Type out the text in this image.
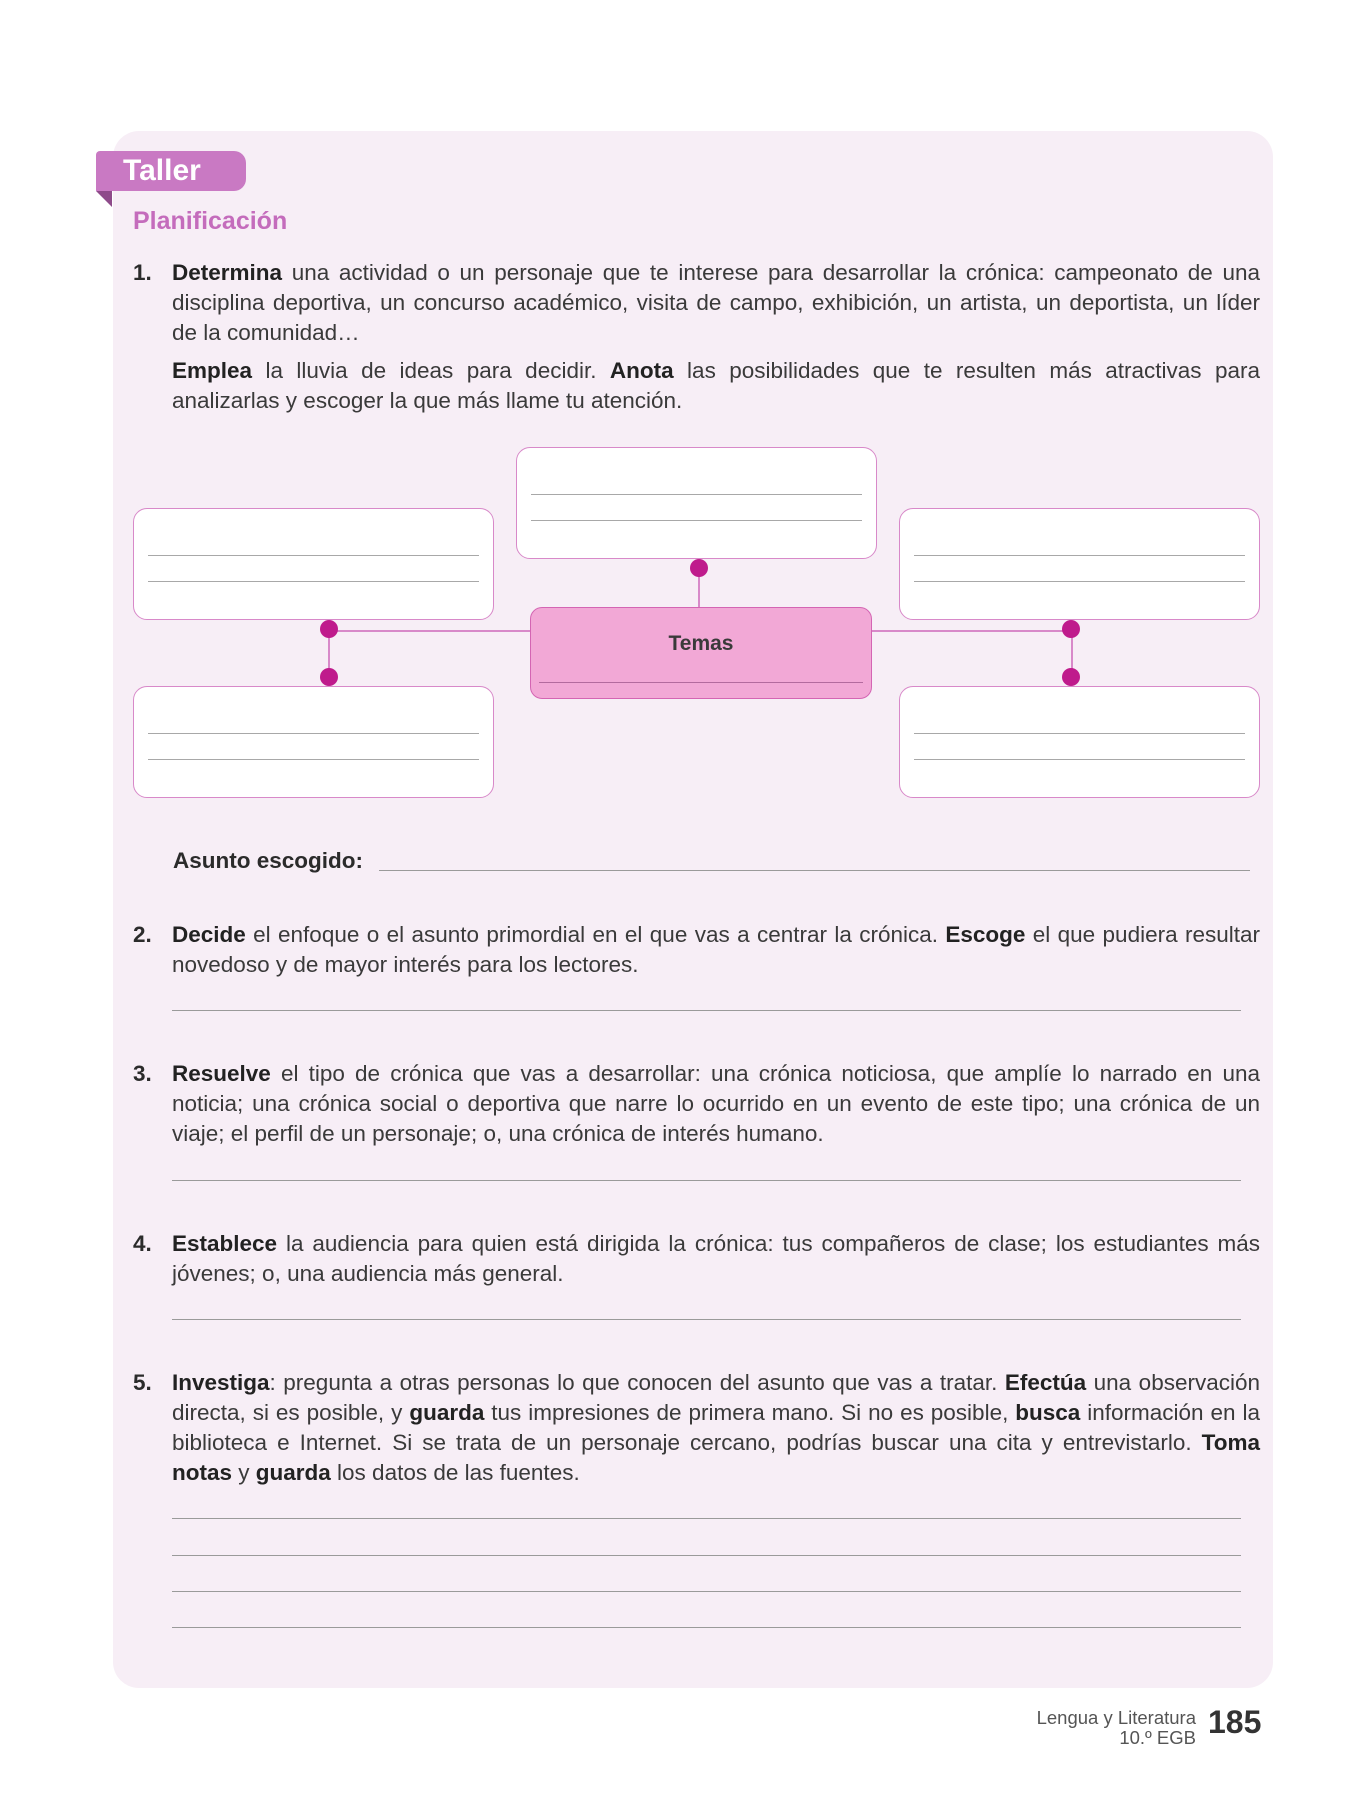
Taller
Planificación
1. Determina una actividad o un personaje que te interese para desarrollar la crónica: campeonato de una disciplina deportiva, un concurso académico, visita de campo, exhibición, un artista, un deportista, un líder de la comunidad…

Emplea la lluvia de ideas para decidir. Anota las posibilidades que te resulten más atractivas para analizarlas y escoger la que más llame tu atención.

Temas
Asunto escogido:
2. Decide el enfoque o el asunto primordial en el que vas a centrar la crónica. Escoge el que pudiera resultar novedoso y de mayor interés para los lectores.

3. Resuelve el tipo de crónica que vas a desarrollar: una crónica noticiosa, que amplíe lo narrado en una noticia; una crónica social o deportiva que narre lo ocurrido en un evento de este tipo; una crónica de un viaje; el perfil de un personaje; o, una crónica de interés humano.

4. Establece la audiencia para quien está dirigida la crónica: tus compañeros de clase; los estudiantes más jóvenes; o, una audiencia más general.

5. Investiga: pregunta a otras personas lo que conocen del asunto que vas a tratar. Efectúa una observación directa, si es posible, y guarda tus impresiones de primera mano. Si no es posible, busca información en la biblioteca e Internet. Si se trata de un personaje cercano, podrías buscar una cita y entrevistarlo. Toma notas y guarda los datos de las fuentes.

Lengua y Literatura
10.º EGB 185
